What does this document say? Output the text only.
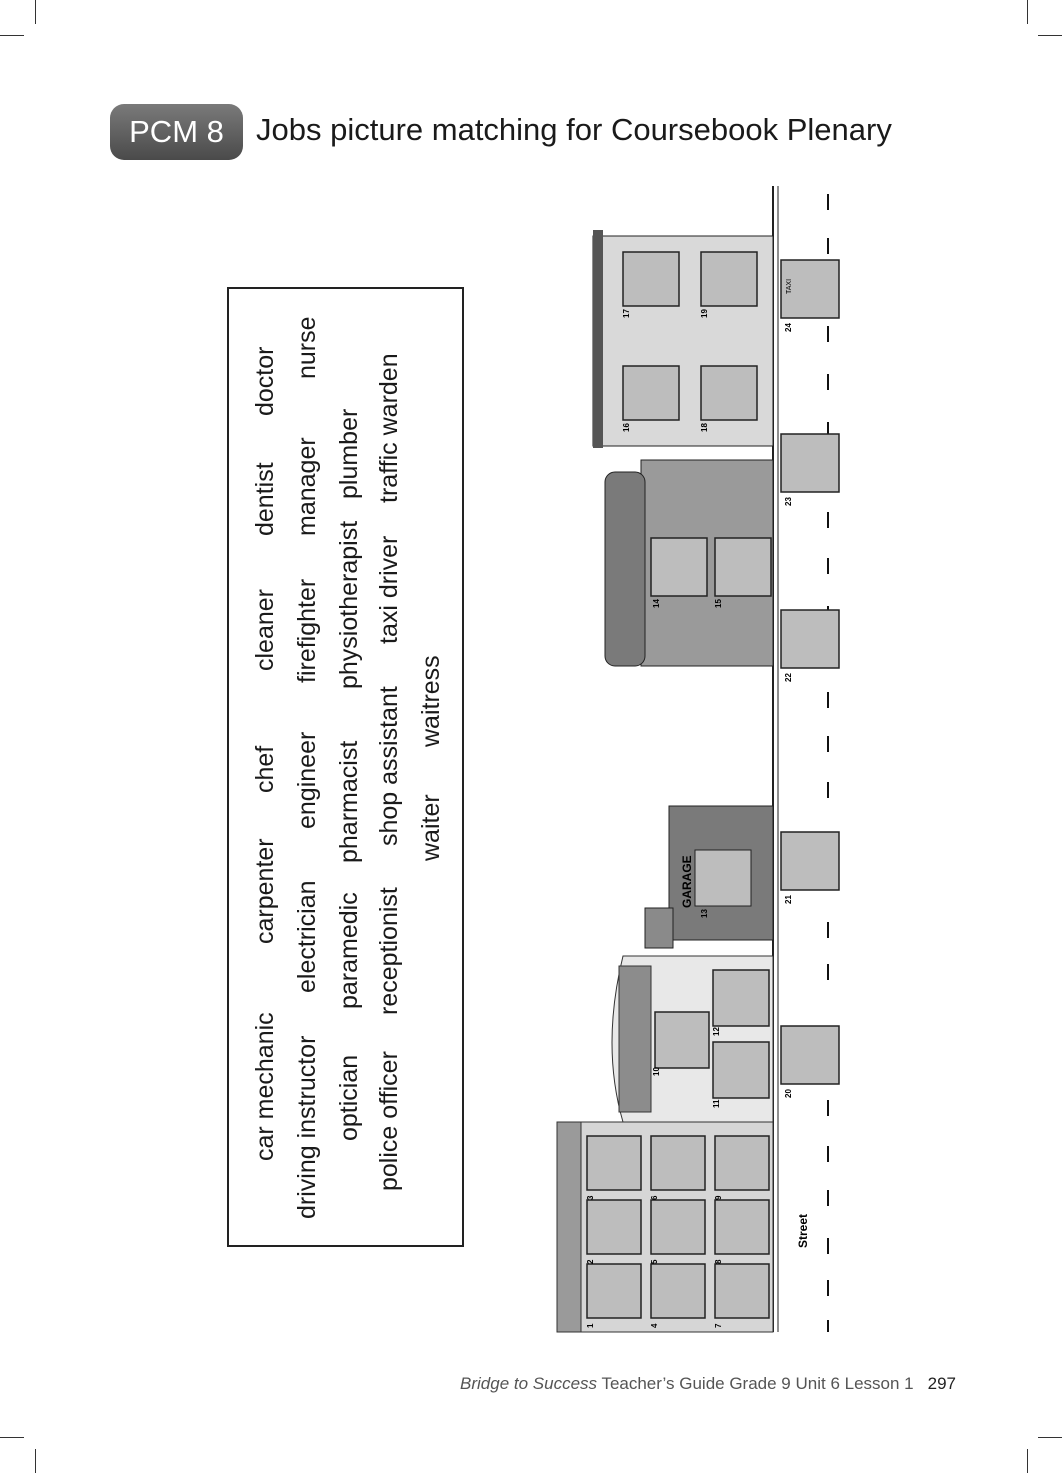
PCM 8	Jobs picture matching for Coursebook Plenary
car mechanic
carpenter
chef
cleaner
dentist
doctor
driving instructor
electrician
engineer
firefighter
manager
nurse
optician
paramedic
pharmacist
physiotherapist
plumber
police officer
receptionist
shop assistant
taxi driver
traffic warden
waiter
waitress
GARAGE
Street
TAXI
1
2
3
4
5
6
7
8
9
10
11
12
13
14	15
16
17
18
19
20
21
22
23
24
Bridge to Success Teacher’s Guide Grade 9 Unit 6 Lesson 1 297
